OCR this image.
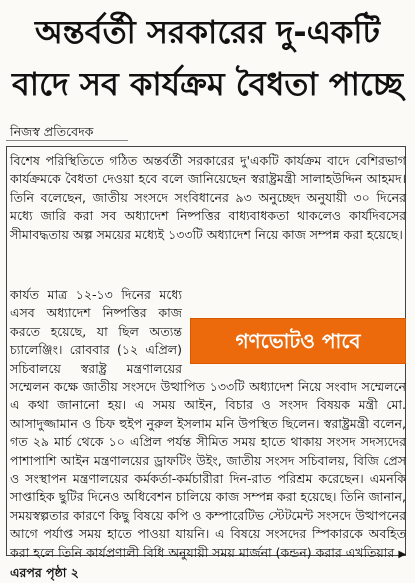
অন্তর্বর্তী সরকারের দু-একটি
বাদে সব কার্যক্রম বৈধতা পাচ্ছে
নিজস্ব প্রতিবেদক
বিশেষ পরিস্থিতিতে গঠিত অন্তর্বর্তী সরকারের দু'একটি কার্যক্রম বাদে বেশিরভাগ কার্যক্রমকে বৈধতা দেওয়া হবে বলে জানিয়েছেন স্বরাষ্ট্রমন্ত্রী সালাহউদ্দিন আহমদ। তিনি বলেছেন, জাতীয় সংসদে সংবিধানের ৯৩ অনুচ্ছেদ অনুযায়ী ৩০ দিনের মধ্যে জারি করা সব অধ্যাদেশ নিষ্পত্তির বাধ্যবাধকতা থাকলেও কার্যদিবসের সীমাবদ্ধতায় অল্প সময়ের মধ্যেই ১৩৩টি অধ্যাদেশ নিয়ে কাজ সম্পন্ন করা হয়েছে।
গণভোটও পাবে
কার্যত মাত্র ১২-১৩ দিনের মধ্যে এসব অধ্যাদেশ নিষ্পত্তির কাজ করতে হয়েছে, যা ছিল অত্যন্ত চ্যালেঞ্জিং। রোববার (১২ এপ্রিল) সচিবালয়ে স্বরাষ্ট্র মন্ত্রণালয়ের সম্মেলন কক্ষে জাতীয় সংসদে উত্থাপিত ১৩৩টি অধ্যাদেশ নিয়ে সংবাদ সম্মেলনে এ কথা জানানো হয়। এ সময় আইন, বিচার ও সংসদ বিষয়ক মন্ত্রী মো. আসাদুজ্জামান ও চিফ হুইপ নুরুল ইসলাম মনি উপস্থিত ছিলেন। স্বরাষ্ট্রমন্ত্রী বলেন, গত ২৯ মার্চ থেকে ১০ এপ্রিল পর্যন্ত সীমিত সময় হাতে থাকায় সংসদ সদস্যদের পাশাপাশি আইন মন্ত্রণালয়ের ড্রাফটিং উইং, জাতীয় সংসদ সচিবালয়, বিজি প্রেস ও সংস্থাপন মন্ত্রণালয়ের কর্মকর্তা-কর্মচারীরা দিন-রাত পরিশ্রম করেছেন। এমনকি সাপ্তাহিক ছুটির দিনেও অধিবেশন চালিয়ে কাজ সম্পন্ন করা হয়েছে। তিনি জানান, সময়স্বল্পতার কারণে কিছু বিষয়ে কপি ও কম্পারেটিভ স্টেটমেন্ট সংসদে উত্থাপনের আগে পর্যাপ্ত সময় হাতে পাওয়া যায়নি। এ বিষয়ে সংসদের স্পিকারকে অবহিত করা হলে তিনি কার্যপ্রণালী বিধি অনুযায়ী সময় মার্জনা (কন্ডন) করার এখতিয়ার ▶ এরপর পৃষ্ঠা ২
